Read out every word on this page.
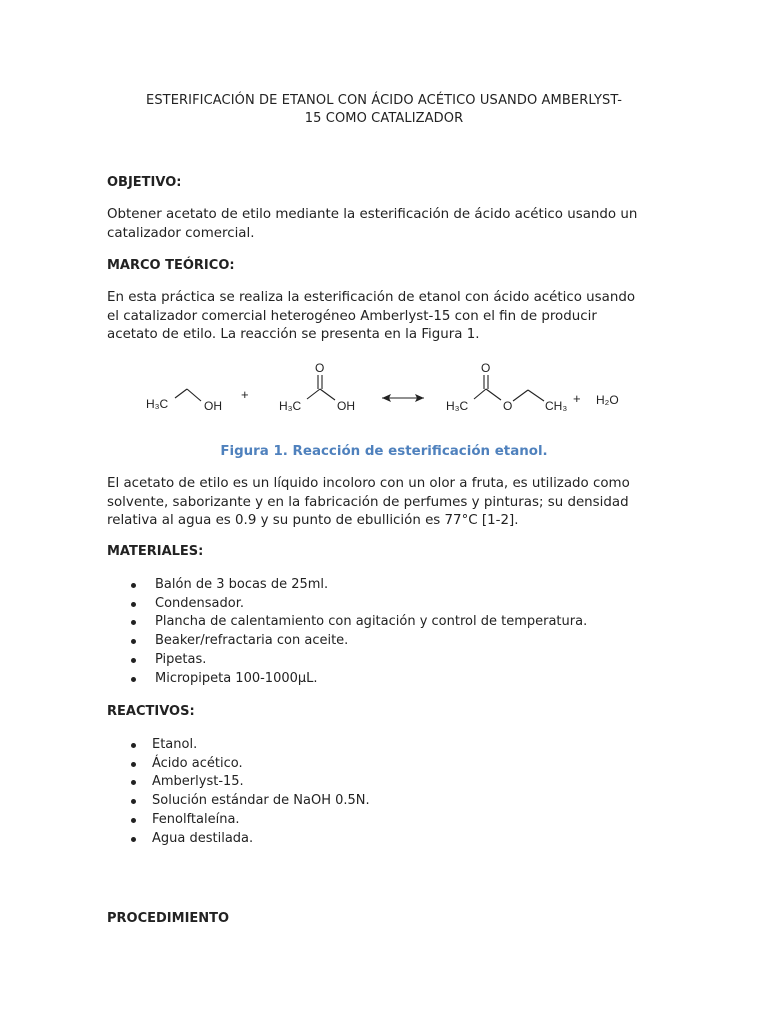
ESTERIFICACIÓN DE ETANOL CON ÁCIDO ACÉTICO USANDO AMBERLYST-
15 COMO CATALIZADOR
OBJETIVO:
Obtener acetato de etilo mediante la esterificación de ácido acético usando un
catalizador comercial.
MARCO TEÓRICO:
En esta práctica se realiza la esterificación de etanol con ácido acético usando
el catalizador comercial heterogéneo Amberlyst-15 con el fin de producir
acetato de etilo. La reacción se presenta en la Figura 1.
H₃C	OH
+
O
H₃C	OH
O
H₃C	O	CH₃ + H₂O
Figura 1. Reacción de esterificación etanol.
El acetato de etilo es un líquido incoloro con un olor a fruta, es utilizado como
solvente, saborizante y en la fabricación de perfumes y pinturas; su densidad
relativa al agua es 0.9 y su punto de ebullición es 77°C [1-2].
MATERIALES:
Balón de 3 bocas de 25ml.
Condensador.
Plancha de calentamiento con agitación y control de temperatura.
Beaker/refractaria con aceite.
Pipetas.
Micropipeta 100-1000µL.
REACTIVOS:
Etanol.
Ácido acético.
Amberlyst-15.
Solución estándar de NaOH 0.5N.
Fenolftaleína.
Agua destilada.
PROCEDIMIENTO
